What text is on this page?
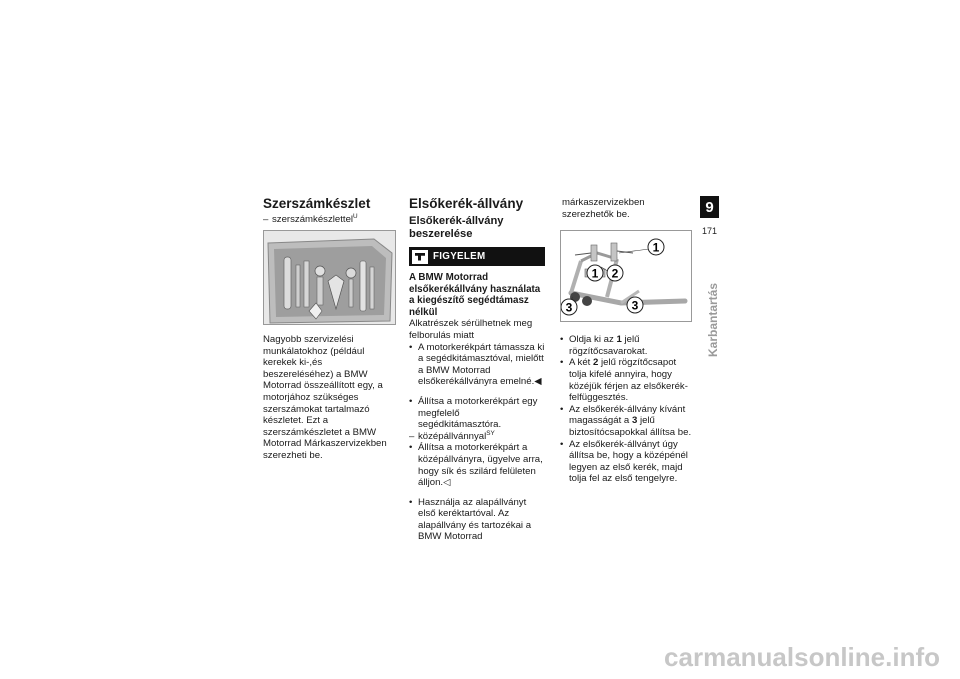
Szerszámkészlet
– szerszámkészlettel$^U$

Nagyobb szervizelési munkálatokhoz (például kerekek ki-,és beszereléséhez) a BMW Motorrad összeállított egy, a motorjához szükséges szerszámokat tartalmazó készletet. Ezt a szerszámkészletet a BMW Motorrad Márkaszervizekben szerezheti be.

Elsőkerék-állvány
Elsőkerék-állvány beszerelése
FIGYELEM
A BMW Motorrad elsőkerékállvány használata a kiegészítő segédtámasz nélkül
Alkatrészek sérülhetnek meg felborulás miatt
• A motorkerékpárt támassza ki a segédkitámasztóval, mielőtt a BMW Motorrad elsőkerékállványra emelné.◀
• Állítsa a motorkerékpárt egy megfelelő segédkitámasztóra.
– középállvánnyal$^{SY}$
• Állítsa a motorkerékpárt a középállványra, ügyelve arra, hogy sík és szilárd felületen álljon.◁
• Használja az alapállványt első keréktartóval. Az alapállvány és tartozékai a BMW Motorrad

márkaszervizekben szerezhetők be.

1
2
1
3	3
• Oldja ki az 1 jelű rögzítőcsavarokat.
• A két 2 jelű rögzítőcsapot tolja kifelé annyira, hogy közéjük férjen az elsőkerék-felfüggesztés.
• Az elsőkerék-állvány kívánt magasságát a 3 jelű biztosítócsapokkal állítsa be.
• Az elsőkerék-állványt úgy állítsa be, hogy a középénél legyen az első kerék, majd tolja fel az első tengelyre.
9
171
Karbantartás
carmanualsonline.info
